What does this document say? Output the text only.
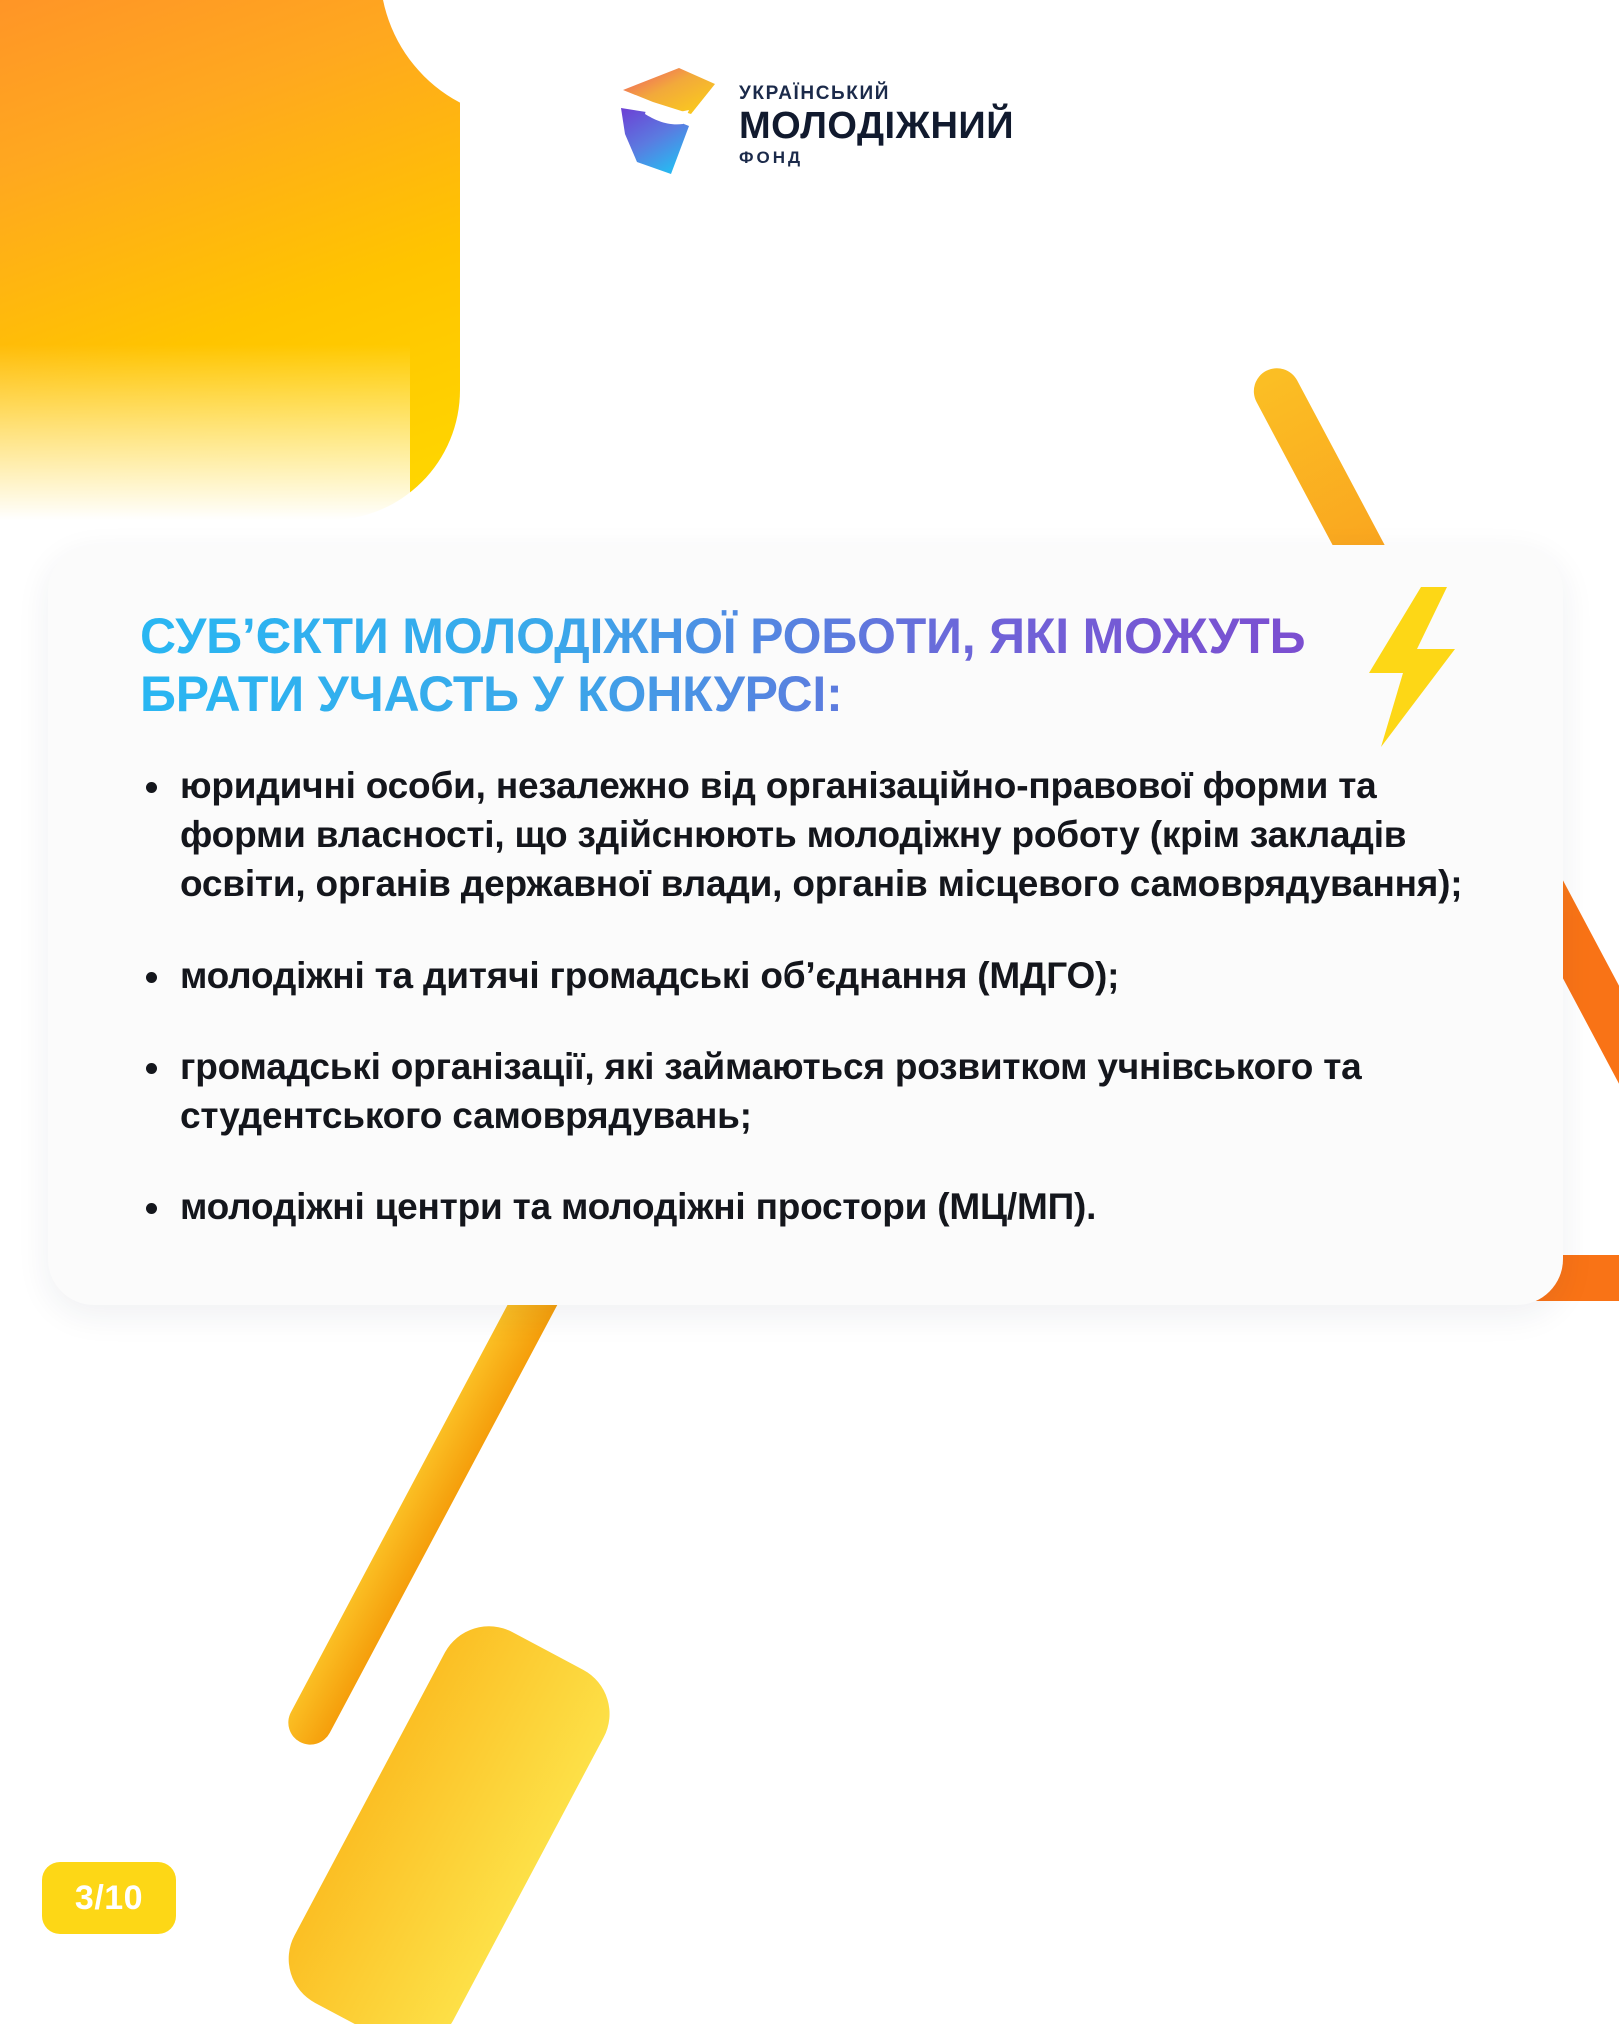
УКРАЇНСЬКИЙ
МОЛОДІЖНИЙ
ФОНД
СУБ’ЄКТИ МОЛОДІЖНОЇ РОБОТИ, ЯКІ МОЖУТЬ БРАТИ УЧАСТЬ У КОНКУРСІ:
юридичні особи, незалежно від організаційно-правової форми та форми власності, що здійснюють молодіжну роботу (крім закладів освіти, органів державної влади, органів місцевого самоврядування);
молодіжні та дитячі громадські об’єднання (МДГО);
громадські організації, які займаються розвитком учнівського та студентського самоврядувань;
молодіжні центри та молодіжні простори (МЦ/МП).
3/10
